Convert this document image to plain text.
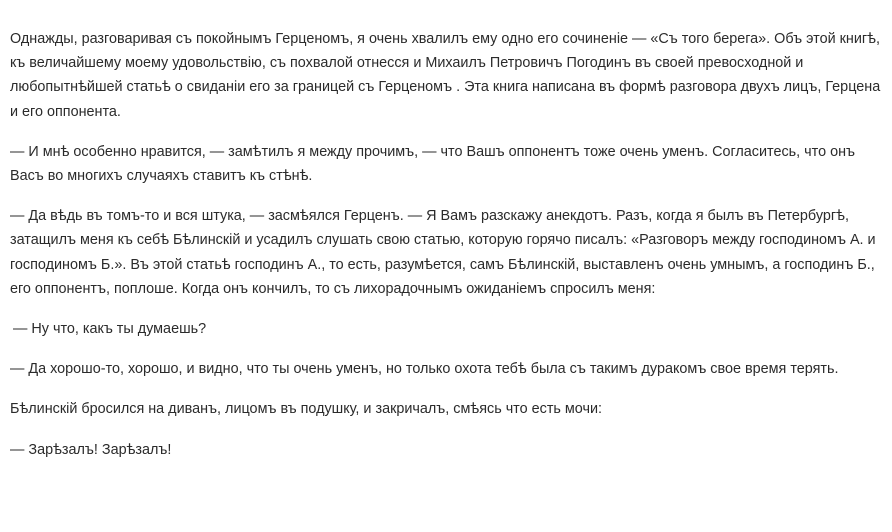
Однажды, разговаривая съ покойнымъ Герценомъ, я очень хвалилъ ему одно его сочиненіе — «Съ того берега». Объ этой книгѣ, къ величайшему моему удовольствію, съ похвалой отнесся и Михаилъ Петровичъ Погодинъ въ своей превосходной и любопытнѣйшей статьѣ о свиданіи его за границей съ Герценомъ . Эта книга написана въ формѣ разговора двухъ лицъ, Герцена и его оппонента.

— И мнѣ особенно нравится, — замѣтилъ я между прочимъ, — что Вашъ оппонентъ тоже очень уменъ. Согласитесь, что онъ Васъ во многихъ случаяхъ ставитъ къ стѣнѣ.

— Да вѣдь въ томъ-то и вся штука, — засмѣялся Герценъ. — Я Вамъ разскажу анекдотъ. Разъ, когда я былъ въ Петербургѣ, затащилъ меня къ себѣ Бѣлинскій и усадилъ слушать свою статью, которую горячо писалъ: «Разговоръ между господиномъ А. и господиномъ Б.». Въ этой статьѣ господинъ А., то есть, разумѣется, самъ Бѣлинскій, выставленъ очень умнымъ, а господинъ Б., его оппонентъ, поплоше. Когда онъ кончилъ, то съ лихорадочнымъ ожиданіемъ спросилъ меня:

— Ну что, какъ ты думаешь?

— Да хорошо-то, хорошо, и видно, что ты очень уменъ, но только охота тебѣ была съ такимъ дуракомъ свое время терять.

Бѣлинскій бросился на диванъ, лицомъ въ подушку, и закричалъ, смѣясь что есть мочи:

— Зарѣзалъ! Зарѣзалъ!
